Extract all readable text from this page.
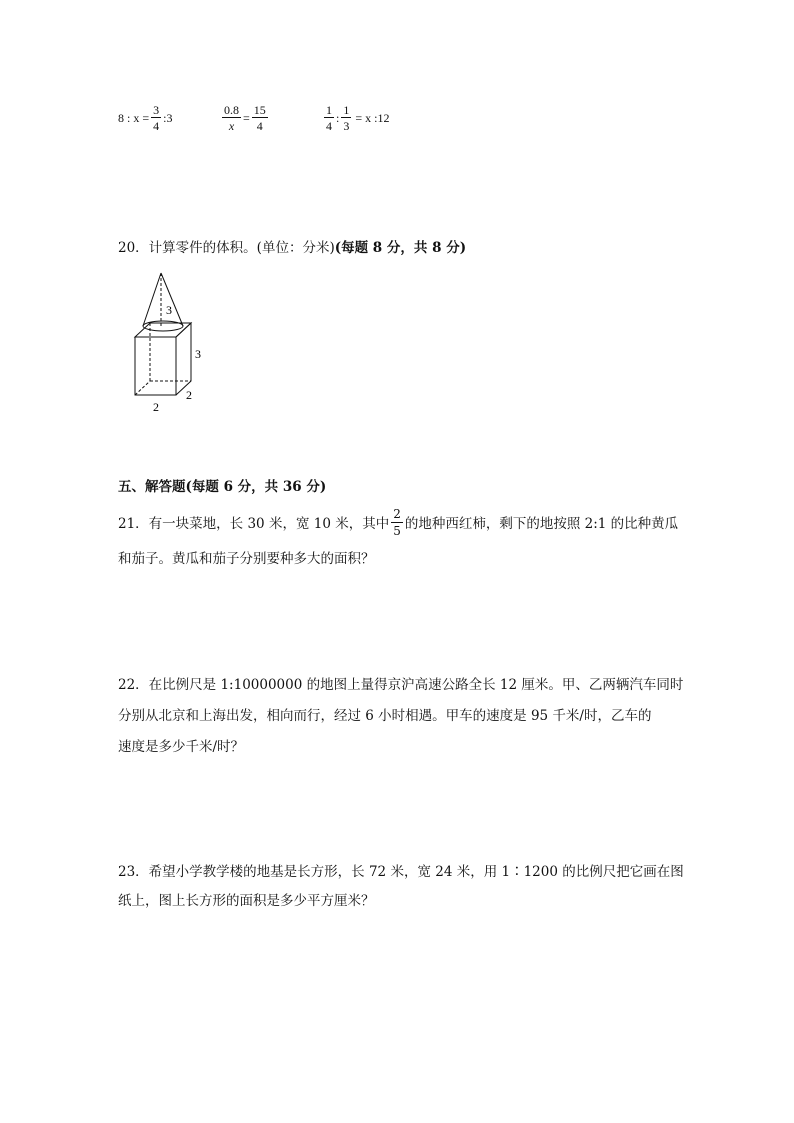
8 : $x = \frac{3}{4}$ :3	$\frac{0.8}{x} = \frac{15}{4}$	$\frac{1}{4}$ : $\frac{1}{3} = x$ :12
20．计算零件的体积。(单位：分米)(每题 8 分，共 8 分)
3
3
2
2
五、解答题(每题 6 分，共 36 分)
21．有一块菜地，长 30 米，宽 10 米，其中 $\frac{2}{5}$ 的地种西红柿，剩下的地按照 2:1 的比种黄瓜
和茄子。黄瓜和茄子分别要种多大的面积？
22．在比例尺是 1:10000000 的地图上量得京沪高速公路全长 12 厘米。甲、乙两辆汽车同时
分别从北京和上海出发，相向而行，经过 6 小时相遇。甲车的速度是 95 千米/时，乙车的
速度是多少千米/时？
23．希望小学教学楼的地基是长方形，长 72 米，宽 24 米，用 1∶1200 的比例尺把它画在图
纸上，图上长方形的面积是多少平方厘米？
